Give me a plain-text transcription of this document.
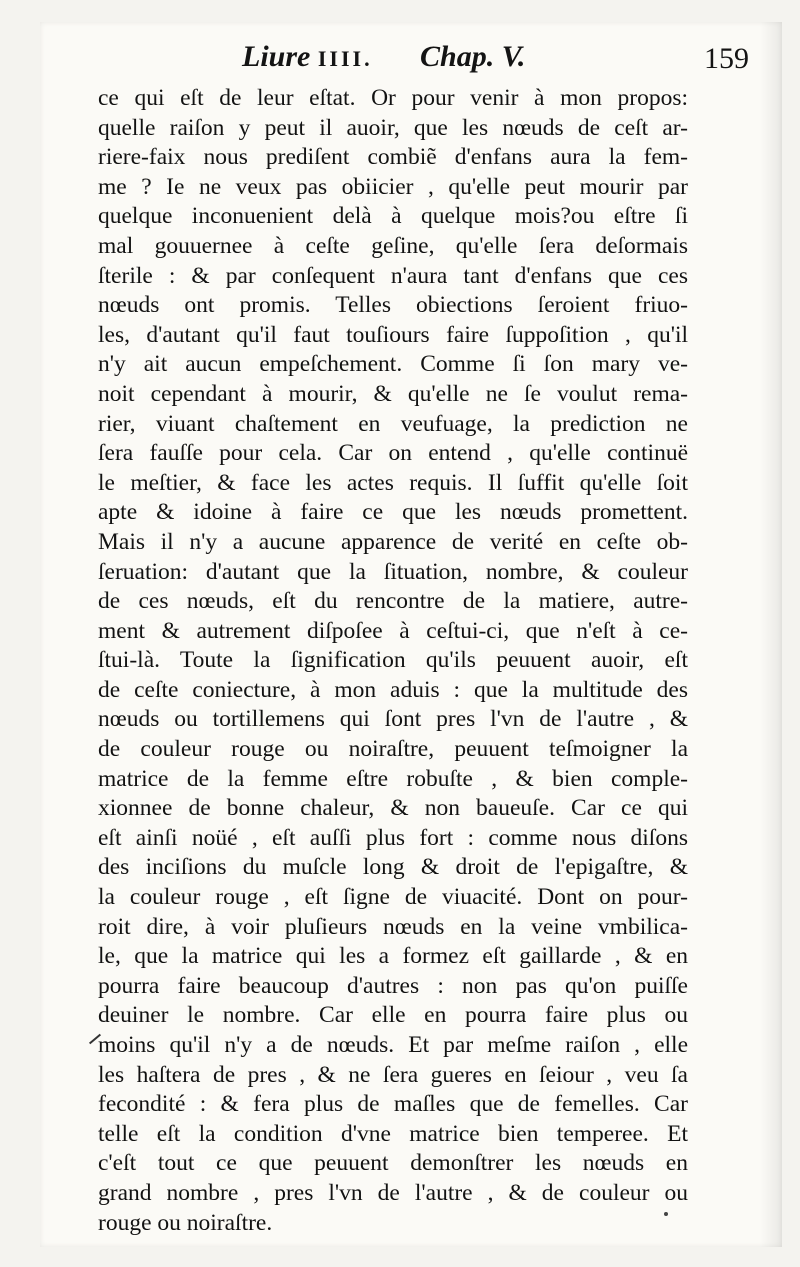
Liure IIII. Chap. V.	159
ce qui eſt de leur eſtat. Or pour venir à mon propos:
quelle raiſon y peut il auoir, que les nœuds de ceſt ar-
riere-faix nous prediſent combiẽ d'enfans aura la fem-
me ? Ie ne veux pas obiicier , qu'elle peut mourir par
quelque inconuenient delà à quelque mois?ou eſtre ſi
mal gouuernee à ceſte geſine, qu'elle ſera deſormais
ſterile : & par conſequent n'aura tant d'enfans que ces
nœuds ont promis. Telles obiections ſeroient friuo-
les, d'autant qu'il faut touſiours faire ſuppoſition , qu'il
n'y ait aucun empeſchement. Comme ſi ſon mary ve-
noit cependant à mourir, & qu'elle ne ſe voulut rema-
rier, viuant chaſtement en veufuage, la prediction ne
ſera fauſſe pour cela. Car on entend , qu'elle continuë
le meſtier, & face les actes requis. Il ſuffit qu'elle ſoit
apte & idoine à faire ce que les nœuds promettent.
Mais il n'y a aucune apparence de verité en ceſte ob-
ſeruation: d'autant que la ſituation, nombre, & couleur
de ces nœuds, eſt du rencontre de la matiere, autre-
ment & autrement diſpoſee à ceſtui-ci, que n'eſt à ce-
ſtui-là. Toute la ſignification qu'ils peuuent auoir, eſt
de ceſte coniecture, à mon aduis : que la multitude des
nœuds ou tortillemens qui ſont pres l'vn de l'autre , &
de couleur rouge ou noiraſtre, peuuent teſmoigner la
matrice de la femme eſtre robuſte , & bien comple-
xionnee de bonne chaleur, & non baueuſe. Car ce qui
eſt ainſi noüé , eſt auſſi plus fort : comme nous diſons
des inciſions du muſcle long & droit de l'epigaſtre, &
la couleur rouge , eſt ſigne de viuacité. Dont on pour-
roit dire, à voir pluſieurs nœuds en la veine vmbilica-
le, que la matrice qui les a formez eſt gaillarde , & en
pourra faire beaucoup d'autres : non pas qu'on puiſſe
deuiner le nombre. Car elle en pourra faire plus ou
moins qu'il n'y a de nœuds. Et par meſme raiſon , elle
les haſtera de pres , & ne ſera gueres en ſeiour , veu ſa
fecondité : & fera plus de maſles que de femelles. Car
telle eſt la condition d'vne matrice bien temperee. Et
c'eſt tout ce que peuuent demonſtrer les nœuds en
grand nombre , pres l'vn de l'autre , & de couleur ou
rouge ou noiraſtre.
